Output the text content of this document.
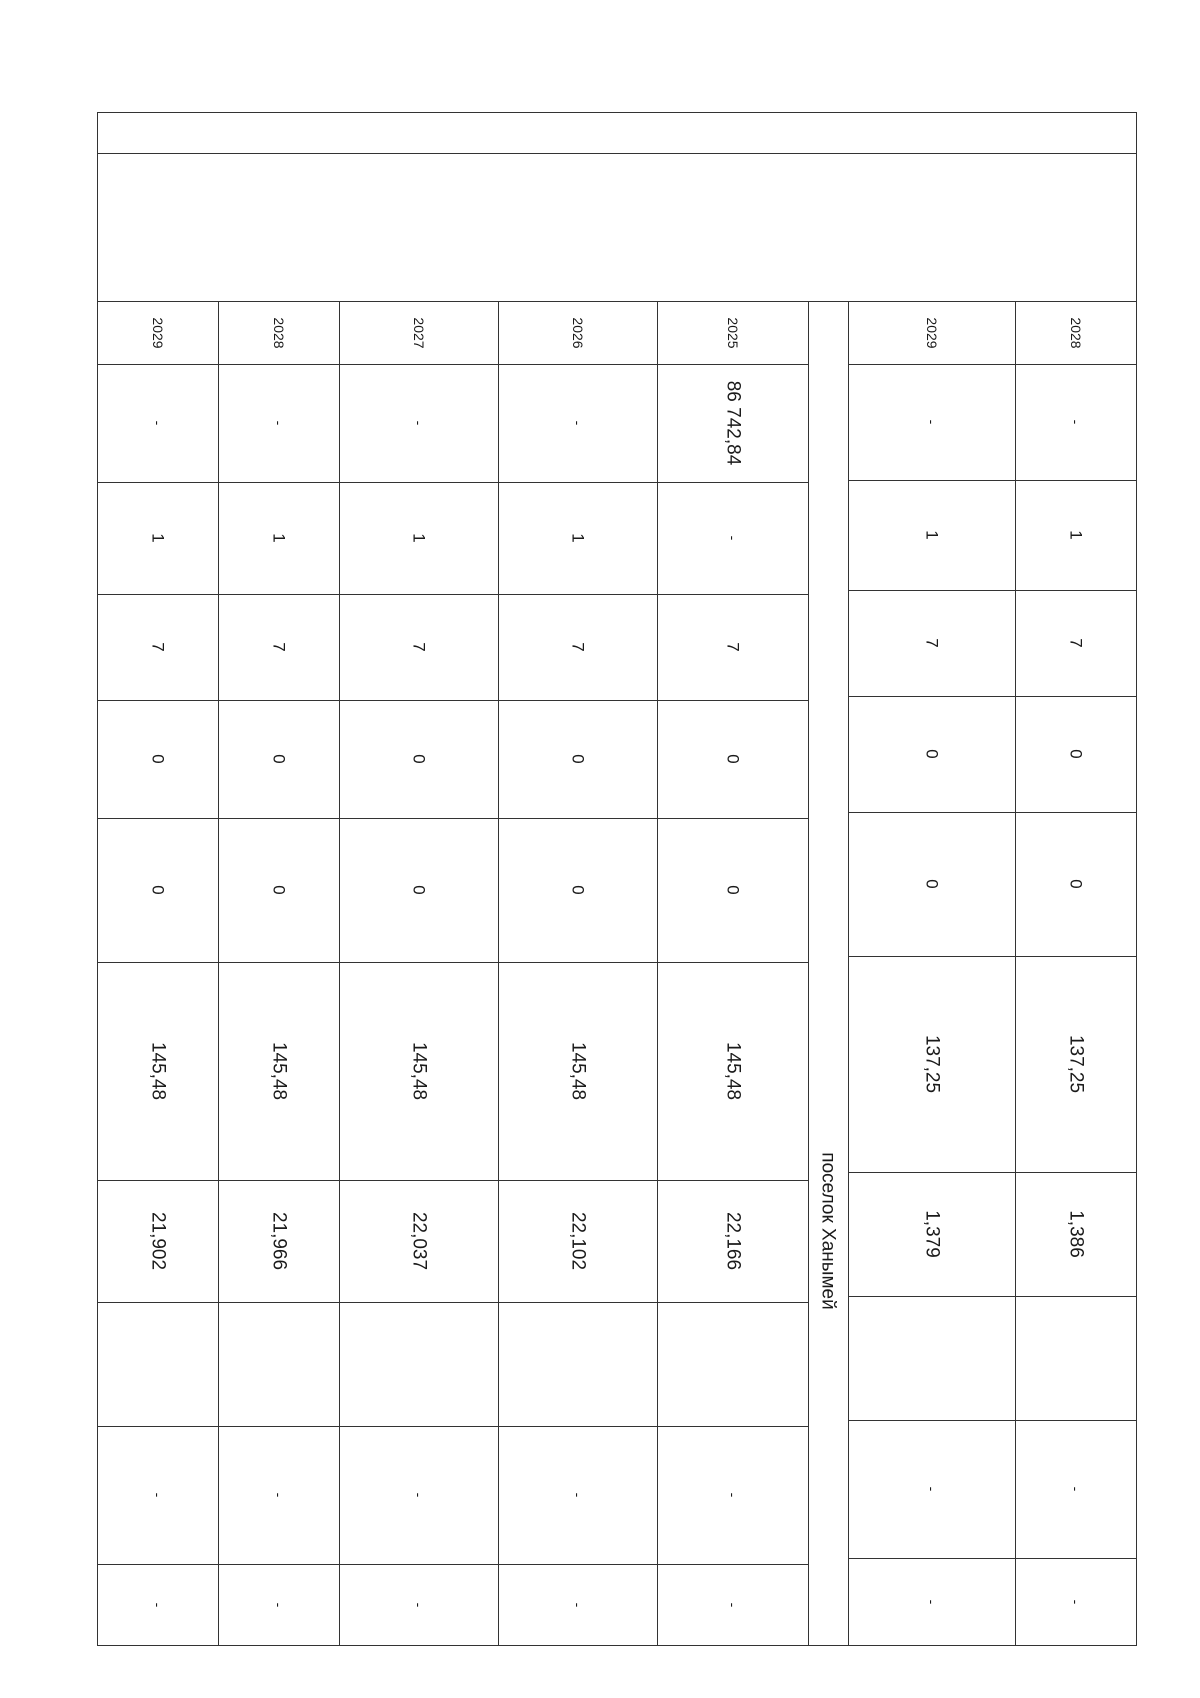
поселок Ханымей
2028
-
1
7
0
0
137,25
1,386
-
-
2029
-
1
7
0
0
137,25
1,379
-
-
2025
86 742,84
-
7
0
0
145,48
22,166
-
-
2026
-
1
7
0
0
145,48
22,102
-
-
2027
-
1
7
0
0
145,48
22,037
-
-
2028
-
1
7
0
0
145,48
21,966
-
-
2029
-
1
7
0
0
145,48
21,902
-
-
